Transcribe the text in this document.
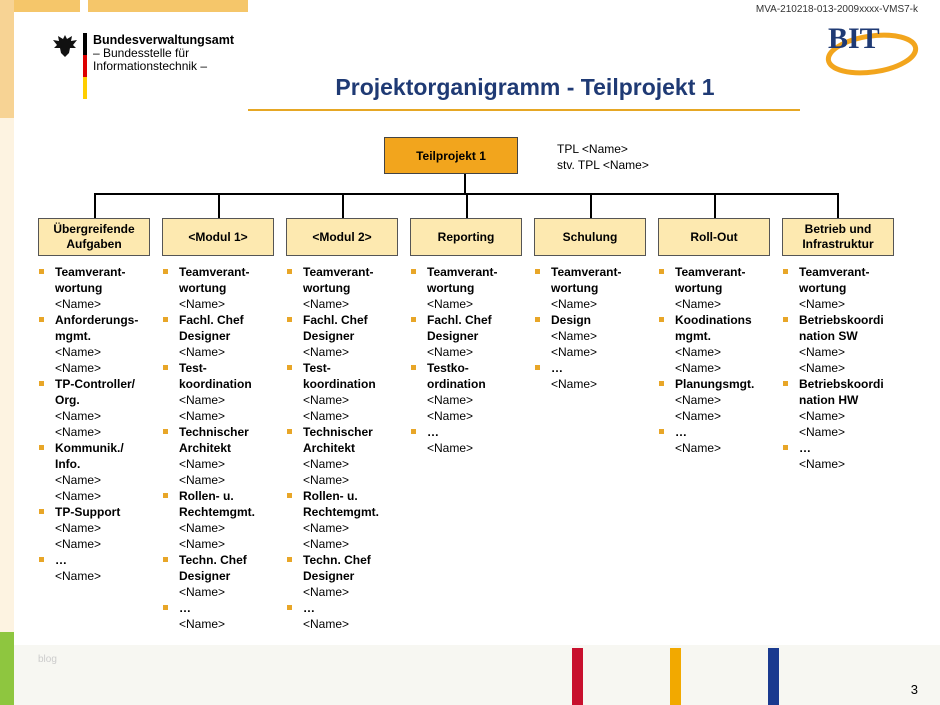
MVA-210218-013-2009xxxx-VMS7-k
Bundesverwaltungsamt
– Bundesstelle für
Informationstechnik –
BIT
Projektorganigramm - Teilprojekt 1
Teilprojekt 1	TPL <Name>
stv. TPL <Name>
Übergreifende Aufgaben
<Modul 1>	<Modul 2>	Reporting	Schulung	Roll-Out
Betrieb und Infrastruktur
Teamverant-
wortung
<Name>
Anforderungs-
mgmt.
<Name>
<Name>
TP-Controller/
Org.
<Name>
<Name>
Kommunik./
Info.
<Name>
<Name>
TP-Support
<Name>
<Name>
…
<Name>
Teamverant-
wortung
<Name>
Fachl. Chef
Designer
<Name>
Test-
koordination
<Name>
<Name>
Technischer
Architekt
<Name>
<Name>
Rollen- u.
Rechtemgmt.
<Name>
<Name>
Techn. Chef
Designer
<Name>
…
<Name>
Teamverant-
wortung
<Name>
Fachl. Chef
Designer
<Name>
Test-
koordination
<Name>
<Name>
Technischer
Architekt
<Name>
<Name>
Rollen- u.
Rechtemgmt.
<Name>
<Name>
Techn. Chef
Designer
<Name>
…
<Name>
Teamverant-
wortung
<Name>
Fachl. Chef
Designer
<Name>
Testko-
ordination
<Name>
<Name>
…
<Name>
Teamverant-
wortung
<Name>
Design
<Name>
<Name>
…
<Name>
Teamverant-
wortung
<Name>
Koodinations
mgmt.
<Name>
<Name>
Planungsmgt.
<Name>
<Name>
…
<Name>
Teamverant-
wortung
<Name>
Betriebskoordi
nation SW
<Name>
<Name>
Betriebskoordi
nation HW
<Name>
<Name>
…
<Name>
blog
3
